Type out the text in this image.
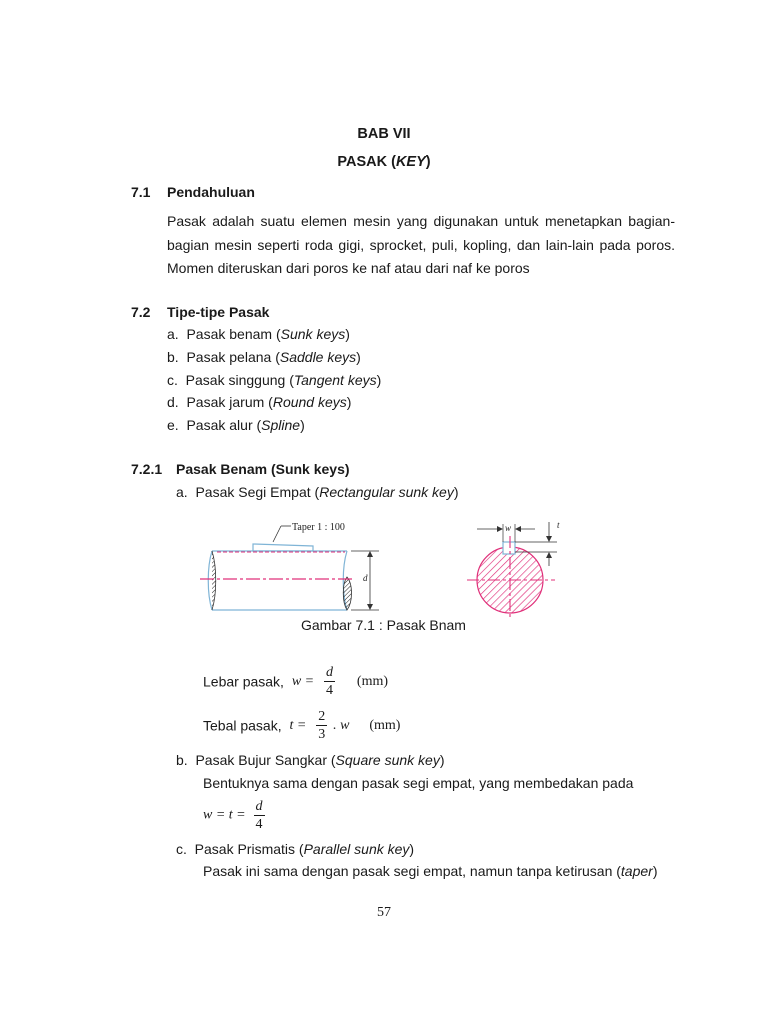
BAB VII
PASAK (KEY)
7.1 Pendahuluan
Pasak adalah suatu elemen mesin yang digunakan untuk menetapkan bagian-bagian mesin seperti roda gigi, sprocket, puli, kopling, dan lain-lain pada poros. Momen diteruskan dari poros ke naf atau dari naf ke poros
7.2 Tipe-tipe Pasak
a. Pasak benam (Sunk keys)
b. Pasak pelana (Saddle keys)
c. Pasak singgung (Tangent keys)
d. Pasak jarum (Round keys)
e. Pasak alur (Spline)
7.2.1 Pasak Benam (Sunk keys)
a. Pasak Segi Empat (Rectangular sunk key)
Taper 1 : 100
d
w	t
Gambar 7.1 : Pasak Bnam
Lebar pasak, $w = \frac{d}{4} (mm)$
Tebal pasak, $t = \frac{2}{3}$ . w (mm)
b. Pasak Bujur Sangkar (Square sunk key)
Bentuknya sama dengan pasak segi empat, yang membedakan pada
$w = t = \frac{d}{4}$
c. Pasak Prismatis (Parallel sunk key)
Pasak ini sama dengan pasak segi empat, namun tanpa ketirusan (taper)
57
